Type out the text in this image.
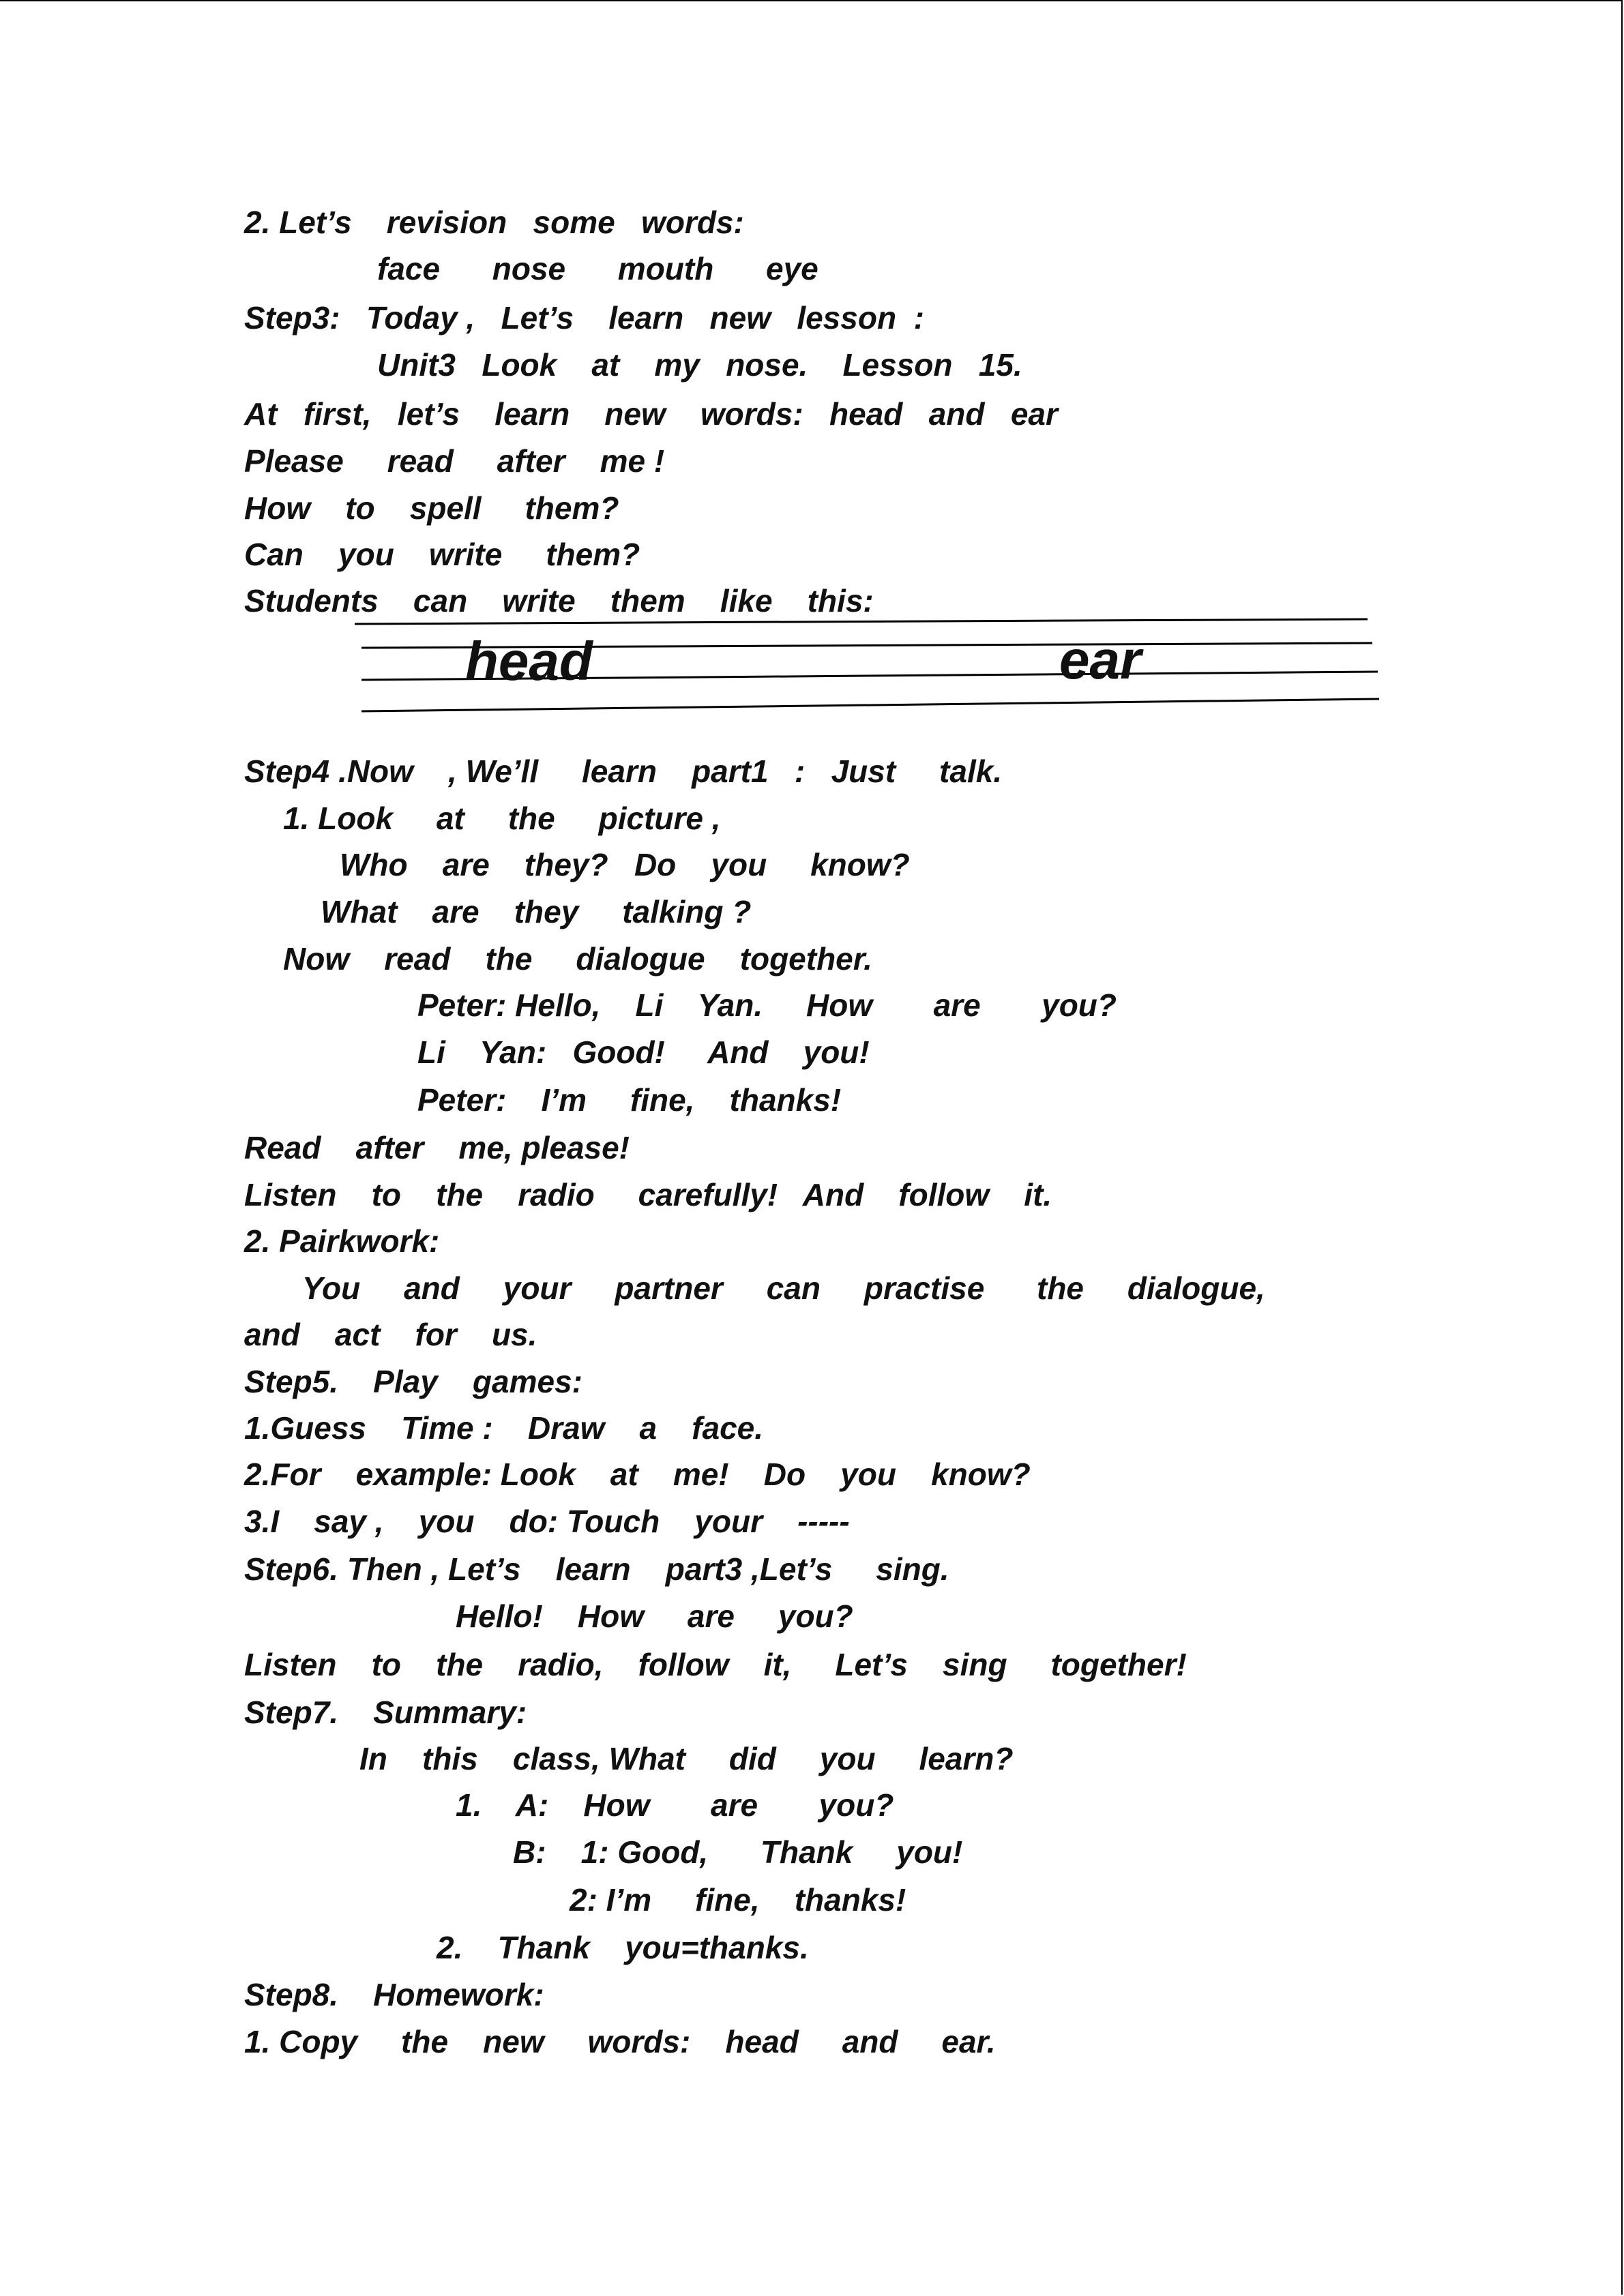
2. Let’s    revision   some   words:
face      nose      mouth      eye
Step3:   Today ,   Let’s    learn   new   lesson  :
Unit3   Look    at    my   nose.    Lesson   15.
At   first,   let’s    learn    new    words:   head   and   ear
Please     read     after    me !
How    to    spell     them?
Can    you    write     them?
Students    can    write    them    like    this:
head	ear
Step4 .Now    , We’ll     learn    part1   :   Just     talk.
1. Look     at     the     picture ,
Who    are    they?   Do    you     know?
What    are    they     talking ?
Now    read    the     dialogue    together.
Peter: Hello,    Li    Yan.     How       are       you?
Li    Yan:   Good!     And    you!
Peter:    I’m     fine,    thanks!
Read    after    me, please!
Listen    to    the    radio     carefully!   And    follow    it.
2. Pairkwork:
You     and     your     partner     can     practise      the     dialogue,
and    act    for    us.
Step5.    Play    games:
1.Guess    Time :    Draw    a    face.
2.For    example: Look    at    me!    Do    you    know?
3.I    say ,    you    do: Touch    your    -----
Step6. Then , Let’s    learn    part3 ,Let’s     sing.
Hello!    How     are     you?
Listen    to    the    radio,    follow    it,     Let’s    sing     together!
Step7.    Summary:
In    this    class, What     did     you     learn?
1.    A:    How       are       you?
B:    1: Good,      Thank     you!
2: I’m     fine,    thanks!
2.    Thank    you=thanks.
Step8.    Homework:
1. Copy     the    new     words:    head     and     ear.
